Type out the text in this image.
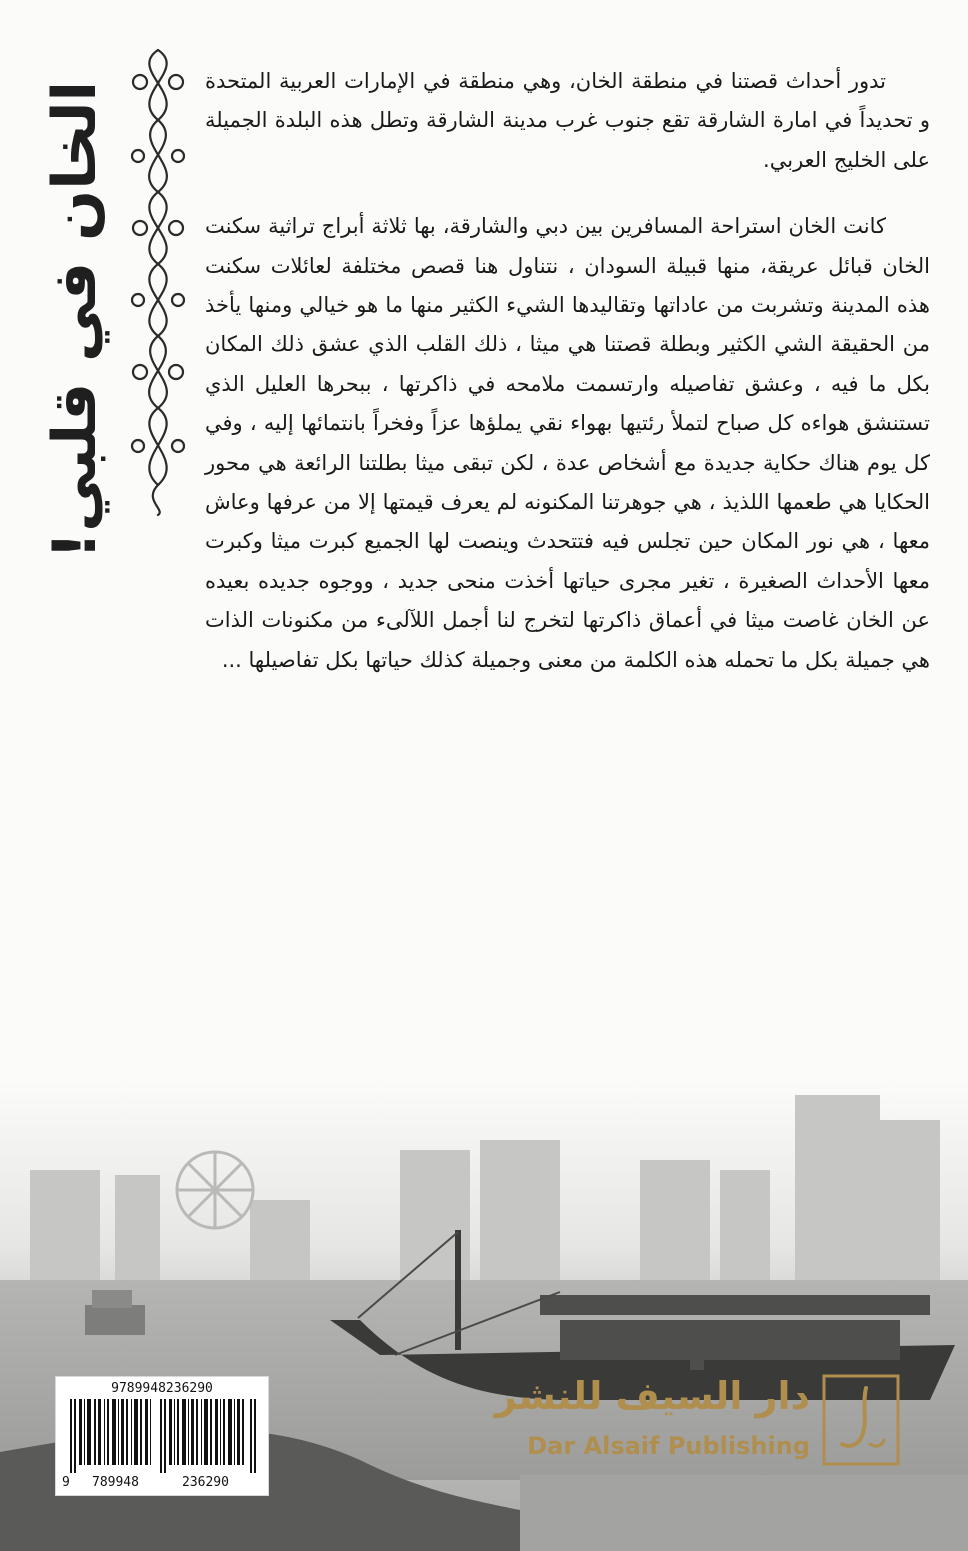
الخان في قلبي!	تدور أحداث قصتنا في منطقة الخان، وهي منطقة في الإمارات العربية المتحدة و تحديداً في امارة الشارقة تقع جنوب غرب مدينة الشارقة وتطل هذه البلدة الجميلة على الخليج العربي.

كانت الخان استراحة المسافرين بين دبي والشارقة، بها ثلاثة أبراج تراثية سكنت الخان قبائل عريقة، منها قبيلة السودان ، نتناول هنا قصص مختلفة لعائلات سكنت هذه المدينة وتشربت من عاداتها وتقاليدها الشيء الكثير منها ما هو خيالي ومنها يأخذ من الحقيقة الشي الكثير وبطلة قصتنا هي ميثا ، ذلك القلب الذي عشق ذلك المكان بكل ما فيه ، وعشق تفاصيله وارتسمت ملامحه في ذاكرتها ، ببحرها العليل الذي تستنشق هواءه كل صباح لتملأ رئتيها بهواء نقي يملؤها عزاً وفخراً بانتمائها إليه ، وفي كل يوم هناك حكاية جديدة مع أشخاص عدة ، لكن تبقى ميثا بطلتنا الرائعة هي محور الحكايا هي طعمها اللذيذ ، هي جوهرتنا المكنونه لم يعرف قيمتها إلا من عرفها وعاش معها ، هي نور المكان حين تجلس فيه فتتحدث وينصت لها الجميع كبرت ميثا وكبرت معها الأحداث الصغيرة ، تغير مجرى حياتها أخذت منحى جديد ، ووجوه جديده بعيده عن الخان غاصت ميثا في أعماق ذاكرتها لتخرج لنا أجمل اللآلىء من مكنونات الذات هي جميلة بكل ما تحمله هذه الكلمة من معنى وجميلة كذلك حياتها بكل تفاصيلها ...

9789948236290
9 789948	236290
دار السيف للنشر
Dar Alsaif Publishing
